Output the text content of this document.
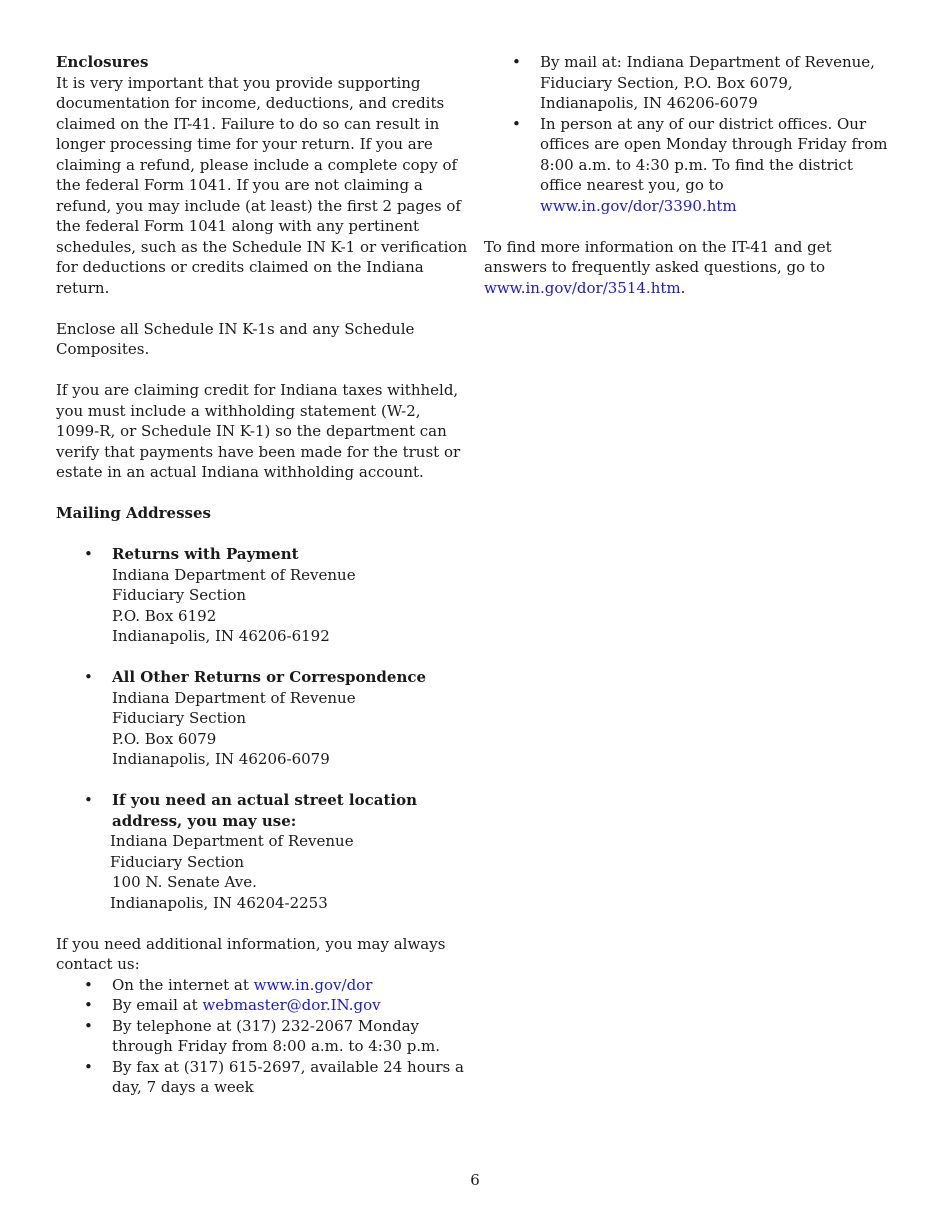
Enclosures

It is very important that you provide supporting documentation for income, deductions, and credits claimed on the IT-41. Failure to do so can result in longer processing time for your return. If you are claiming a refund, please include a complete copy of the federal Form 1041. If you are not claiming a refund, you may include (at least) the first 2 pages of the federal Form 1041 along with any pertinent schedules, such as the Schedule IN K-1 or verification for deductions or credits claimed on the Indiana return.

Enclose all Schedule IN K-1s and any Schedule Composites.

If you are claiming credit for Indiana taxes withheld, you must include a withholding statement (W-2, 1099-R, or Schedule IN K-1) so the department can verify that payments have been made for the trust or estate in an actual Indiana withholding account.

Mailing Addresses

• Returns with Payment
Indiana Department of Revenue
Fiduciary Section
P.O. Box 6192
Indianapolis, IN 46206-6192
• All Other Returns or Correspondence
Indiana Department of Revenue
Fiduciary Section
P.O. Box 6079
Indianapolis, IN 46206-6079
• If you need an actual street location address, you may use:
Indiana Department of Revenue
Fiduciary Section
100 N. Senate Ave.
Indianapolis, IN 46204-2253

If you need additional information, you may always contact us:

• On the internet at www.in.gov/dor
• By email at webmaster@dor.IN.gov
• By telephone at (317) 232-2067 Monday through Friday from 8:00 a.m. to 4:30 p.m.
• By fax at (317) 615-2697, available 24 hours a day, 7 days a week
• By mail at: Indiana Department of Revenue, Fiduciary Section, P.O. Box 6079, Indianapolis, IN 46206-6079
• In person at any of our district offices. Our offices are open Monday through Friday from 8:00 a.m. to 4:30 p.m. To find the district office nearest you, go to www.in.gov/dor/3390.htm

To find more information on the IT-41 and get answers to frequently asked questions, go to
www.in.gov/dor/3514.htm.

6
